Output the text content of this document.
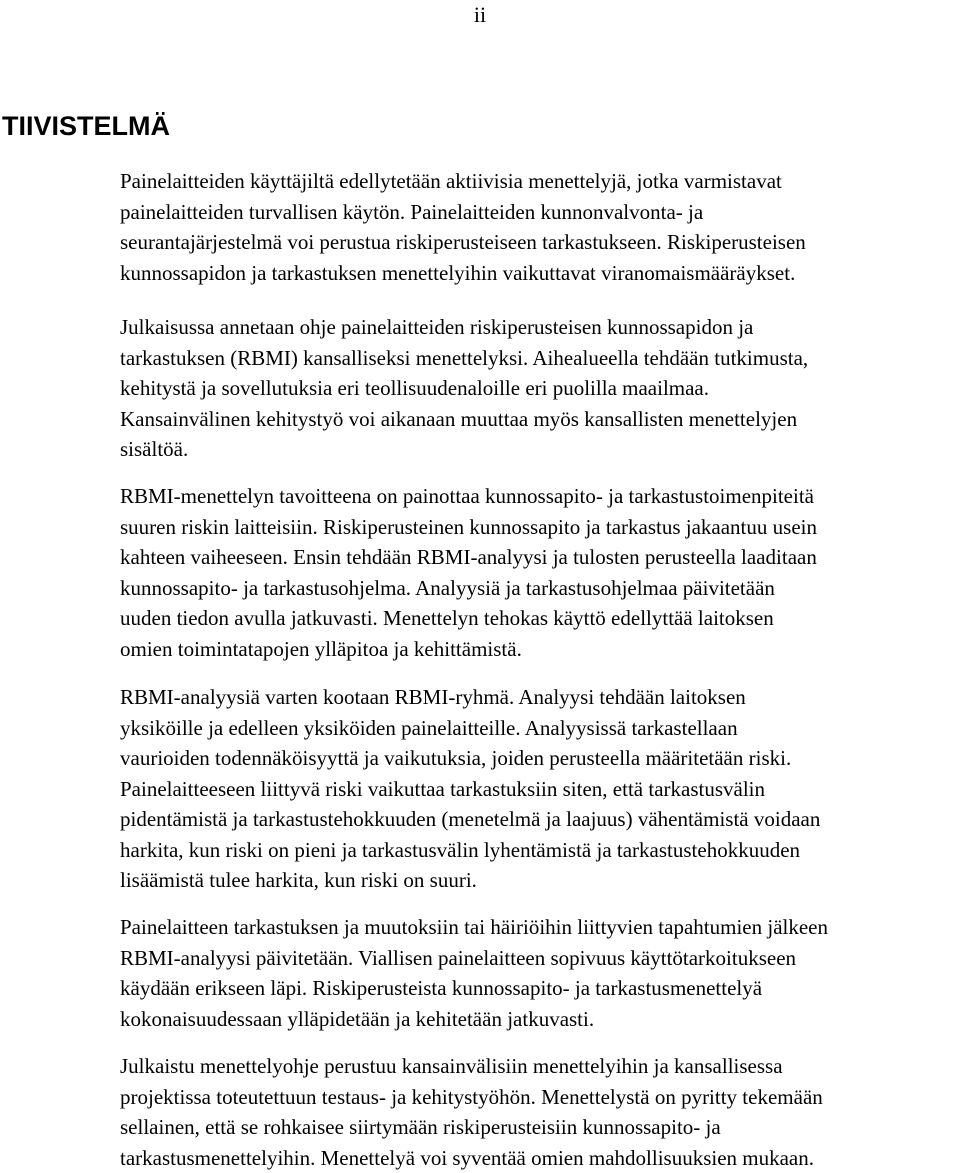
ii
TIIVISTELMÄ

Painelaitteiden käyttäjiltä edellytetään aktiivisia menettelyjä, jotka varmistavat
painelaitteiden turvallisen käytön. Painelaitteiden kunnonvalvonta- ja
seurantajärjestelmä voi perustua riskiperusteiseen tarkastukseen. Riskiperusteisen
kunnossapidon ja tarkastuksen menettelyihin vaikuttavat viranomaismääräykset.

Julkaisussa annetaan ohje painelaitteiden riskiperusteisen kunnossapidon ja
tarkastuksen (RBMI) kansalliseksi menettelyksi. Aihealueella tehdään tutkimusta,
kehitystä ja sovellutuksia eri teollisuudenaloille eri puolilla maailmaa.
Kansainvälinen kehitystyö voi aikanaan muuttaa myös kansallisten menettelyjen
sisältöä.

RBMI-menettelyn tavoitteena on painottaa kunnossapito- ja tarkastustoimenpiteitä
suuren riskin laitteisiin. Riskiperusteinen kunnossapito ja tarkastus jakaantuu usein
kahteen vaiheeseen. Ensin tehdään RBMI-analyysi ja tulosten perusteella laaditaan
kunnossapito- ja tarkastusohjelma. Analyysiä ja tarkastusohjelmaa päivitetään
uuden tiedon avulla jatkuvasti. Menettelyn tehokas käyttö edellyttää laitoksen
omien toimintatapojen ylläpitoa ja kehittämistä.

RBMI-analyysiä varten kootaan RBMI-ryhmä. Analyysi tehdään laitoksen
yksiköille ja edelleen yksiköiden painelaitteille. Analyysissä tarkastellaan
vaurioiden todennäköisyyttä ja vaikutuksia, joiden perusteella määritetään riski.
Painelaitteeseen liittyvä riski vaikuttaa tarkastuksiin siten, että tarkastusvälin
pidentämistä ja tarkastustehokkuuden (menetelmä ja laajuus) vähentämistä voidaan
harkita, kun riski on pieni ja tarkastusvälin lyhentämistä ja tarkastustehokkuuden
lisäämistä tulee harkita, kun riski on suuri.

Painelaitteen tarkastuksen ja muutoksiin tai häiriöihin liittyvien tapahtumien jälkeen
RBMI-analyysi päivitetään. Viallisen painelaitteen sopivuus käyttötarkoitukseen
käydään erikseen läpi. Riskiperusteista kunnossapito- ja tarkastusmenettelyä
kokonaisuudessaan ylläpidetään ja kehitetään jatkuvasti.

Julkaistu menettelyohje perustuu kansainvälisiin menettelyihin ja kansallisessa
projektissa toteutettuun testaus- ja kehitystyöhön. Menettelystä on pyritty tekemään
sellainen, että se rohkaisee siirtymään riskiperusteisiin kunnossapito- ja
tarkastusmenettelyihin. Menettelyä voi syventää omien mahdollisuuksien mukaan.
